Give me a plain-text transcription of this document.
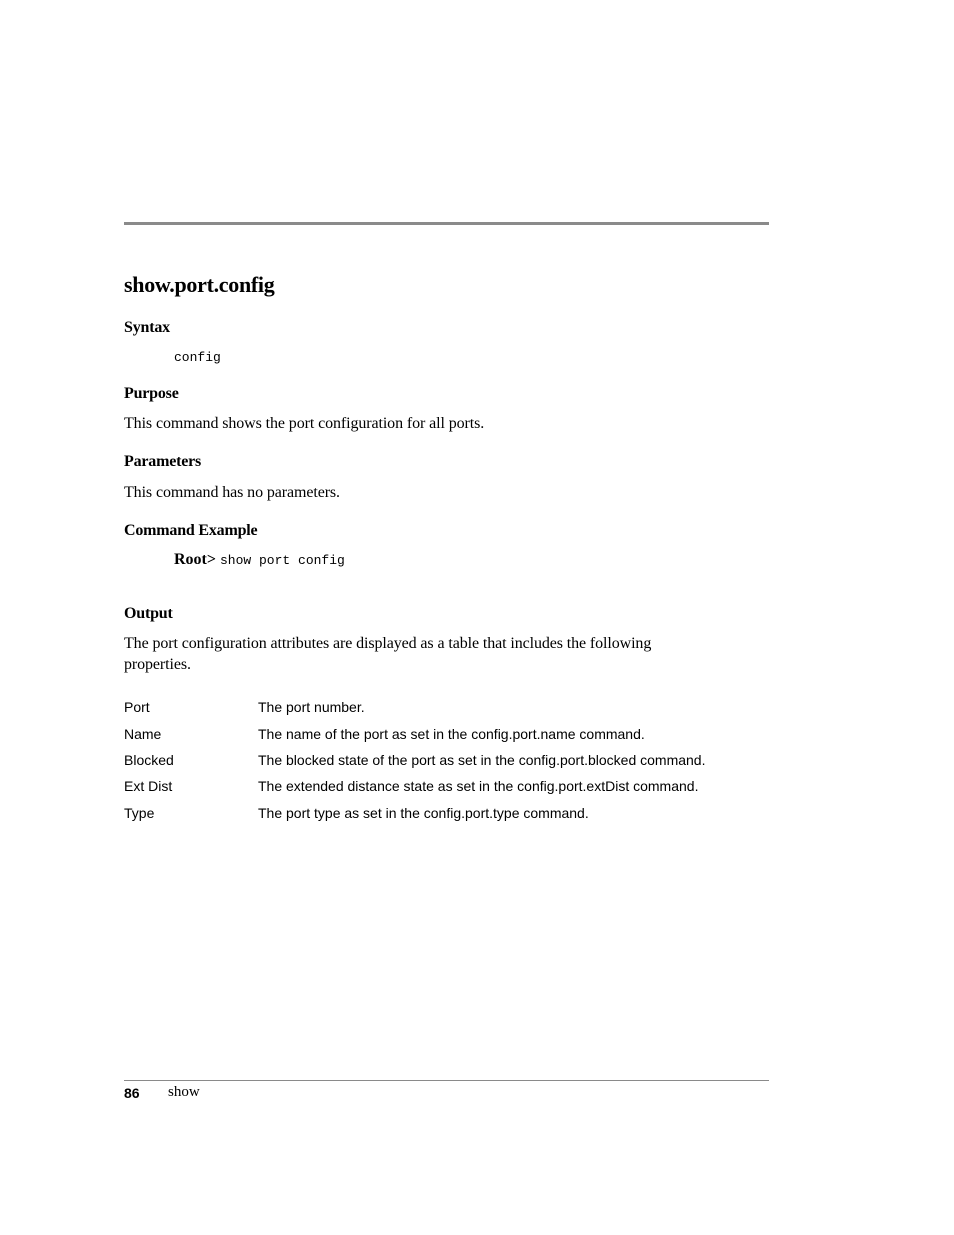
show.port.config
Syntax
config
Purpose
This command shows the port configuration for all ports.
Parameters
This command has no parameters.
Command Example
Root> show port config
Output
The port configuration attributes are displayed as a table that includes the following properties.
Port	The port number.
Name	The name of the port as set in the config.port.name command.
Blocked	The blocked state of the port as set in the config.port.blocked command.
Ext Dist	The extended distance state as set in the config.port.extDist command.
Type	The port type as set in the config.port.type command.
86 show
